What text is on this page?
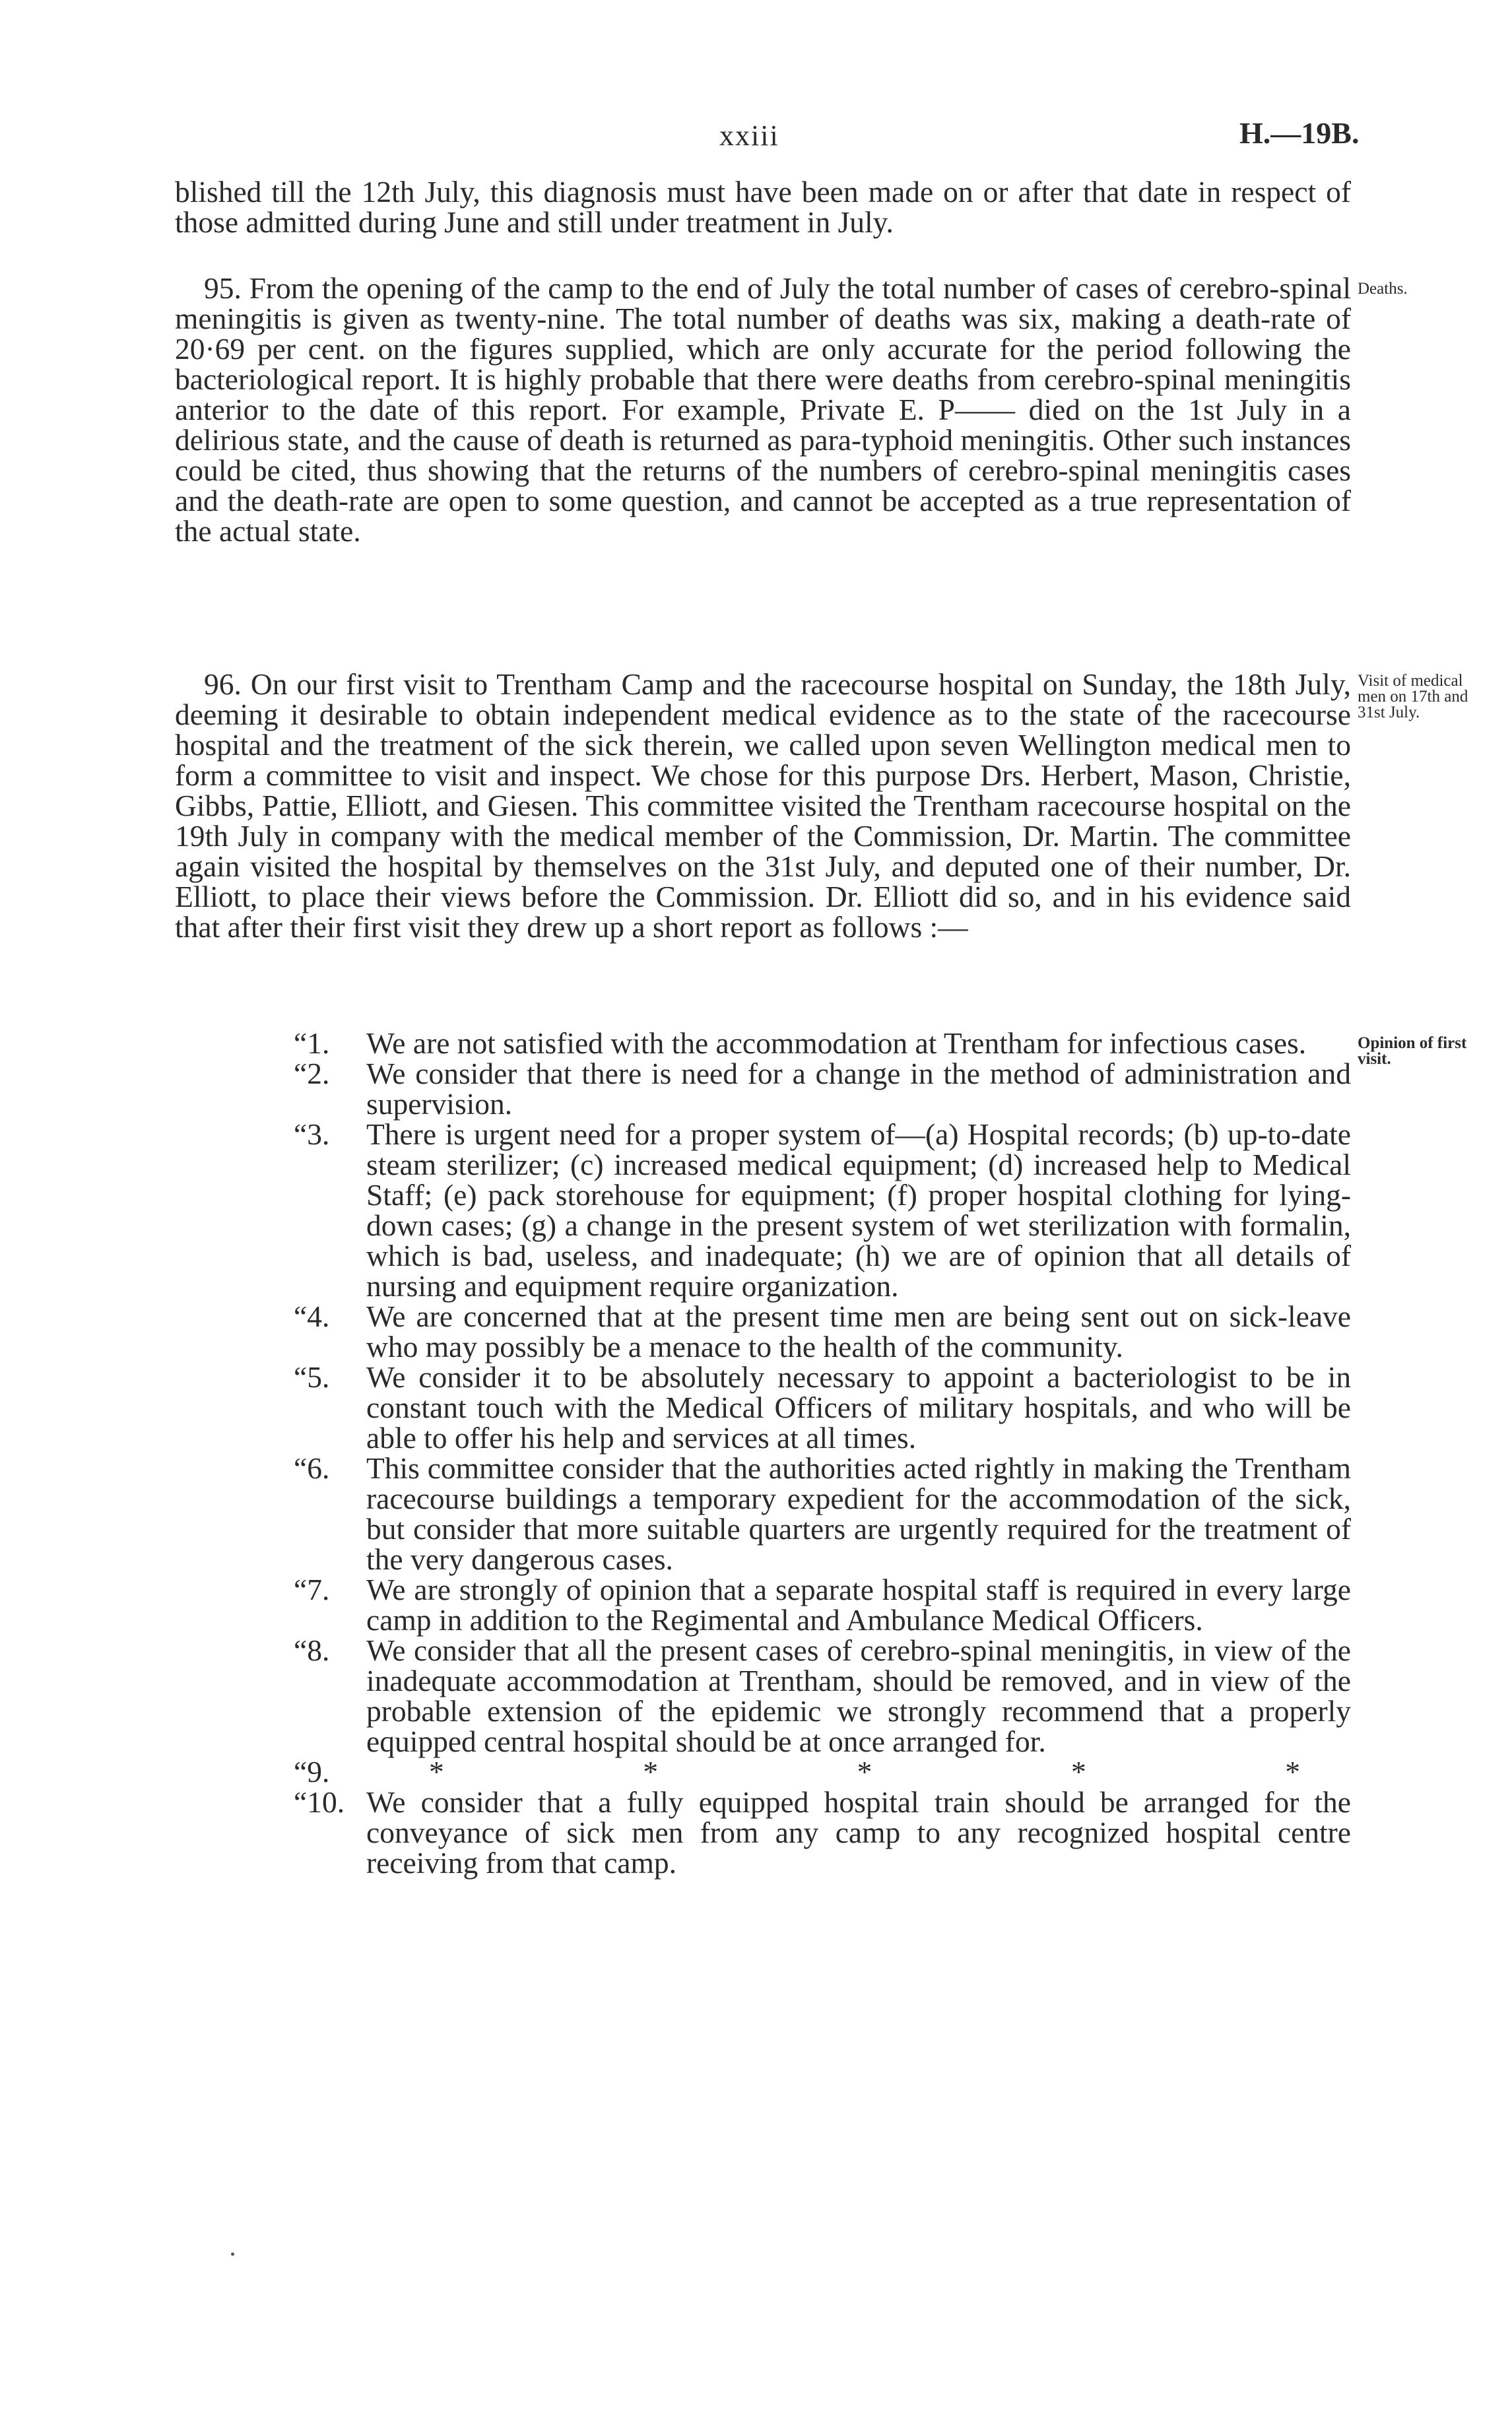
xxiii	H.—19B.

blished till the 12th July, this diagnosis must have been made on or after that date in respect of those admitted during June and still under treatment in July.

95. From the opening of the camp to the end of July the total number of cases of cerebro-spinal meningitis is given as twenty-nine. The total number of deaths was six, making a death-rate of 20·69 per cent. on the figures supplied, which are only accurate for the period following the bacteriological report. It is highly probable that there were deaths from cerebro-spinal meningitis anterior to the date of this report. For example, Private E. P—— died on the 1st July in a delirious state, and the cause of death is returned as para-typhoid meningitis. Other such instances could be cited, thus showing that the returns of the numbers of cerebro-spinal meningitis cases and the death-rate are open to some question, and cannot be accepted as a true representation of the actual state.

Deaths.

96. On our first visit to Trentham Camp and the racecourse hospital on Sunday, the 18th July, deeming it desirable to obtain independent medical evidence as to the state of the racecourse hospital and the treatment of the sick therein, we called upon seven Wellington medical men to form a committee to visit and inspect. We chose for this purpose Drs. Herbert, Mason, Christie, Gibbs, Pattie, Elliott, and Giesen. This committee visited the Trentham racecourse hospital on the 19th July in company with the medical member of the Commission, Dr. Martin. The committee again visited the hospital by themselves on the 31st July, and deputed one of their number, Dr. Elliott, to place their views before the Commission. Dr. Elliott did so, and in his evidence said that after their first visit they drew up a short report as follows :—

Visit of medical men on 17th and 31st July.
Opinion of first visit.
“1.	We are not satisfied with the accommodation at Trentham for infectious cases.
“2.	We consider that there is need for a change in the method of administration and supervision.
“3.	There is urgent need for a proper system of—(a) Hospital records; (b) up-to-date steam sterilizer; (c) increased medical equipment; (d) increased help to Medical Staff; (e) pack storehouse for equipment; (f) proper hospital clothing for lying-down cases; (g) a change in the present system of wet sterilization with formalin, which is bad, useless, and inadequate; (h) we are of opinion that all details of nursing and equipment require organization.
“4.	We are concerned that at the present time men are being sent out on sick-leave who may possibly be a menace to the health of the community.
“5.	We consider it to be absolutely necessary to appoint a bacteriologist to be in constant touch with the Medical Officers of military hospitals, and who will be able to offer his help and services at all times.
“6.	This committee consider that the authorities acted rightly in making the Trentham racecourse buildings a temporary expedient for the accommodation of the sick, but consider that more suitable quarters are urgently required for the treatment of the very dangerous cases.
“7.	We are strongly of opinion that a separate hospital staff is required in every large camp in addition to the Regimental and Ambulance Medical Officers.
“8.	We consider that all the present cases of cerebro-spinal meningitis, in view of the inadequate accommodation at Trentham, should be removed, and in view of the probable extension of the epidemic we strongly recommend that a properly equipped central hospital should be at once arranged for.
“9.	*	*	*	*	*
“10. We consider that a fully equipped hospital train should be arranged for the conveyance of sick men from any camp to any recognized hospital centre receiving from that camp.
